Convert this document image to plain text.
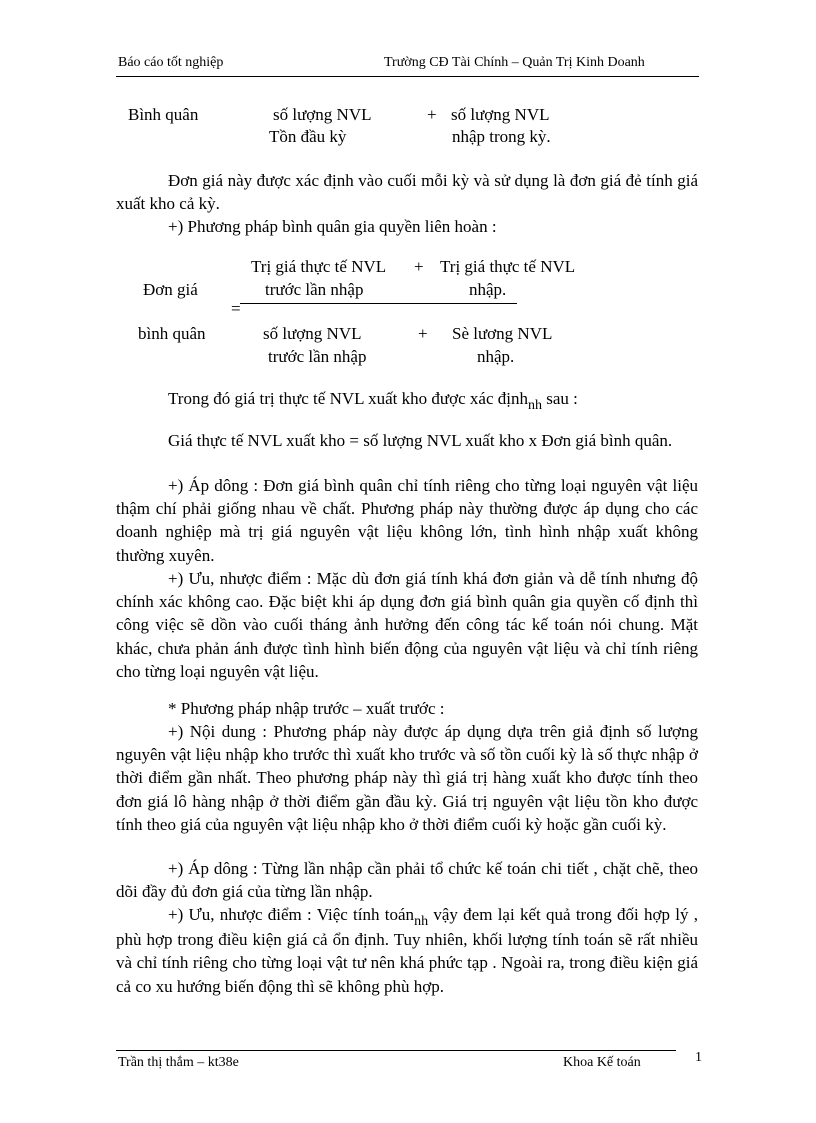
Báo cáo tốt nghiệp	Trường CĐ Tài Chính – Quản Trị Kinh Doanh
Bình quân	số lượng NVL
Tồn đầu kỳ
+ số lượng NVL
nhập trong kỳ.
Đơn giá này được xác định vào cuối mỗi kỳ và sử dụng là đơn giá đẻ tính giá xuất kho cả kỳ.
+) Phương pháp bình quân gia quyền liên hoàn :
Đơn giá
bình quân
=
Trị giá thực tế NVL
trước lần nhập
+ Trị giá thực tế NVL
nhập.
số lượng NVL
trước lần nhập
+ Sè lương NVL
nhập.
Trong đó giá trị thực tế NVL xuất kho được xác định$_{nh}$ sau :
Giá thực tế NVL xuất kho = số lượng NVL xuất kho x Đơn giá bình quân.
+) Áp dông : Đơn giá bình quân chỉ tính riêng cho từng loại nguyên vật liệu thậm chí phải giống nhau về chất. Phương pháp này thường được áp dụng cho các doanh nghiệp mà trị giá nguyên vật liệu không lớn, tình hình nhập xuất không thường xuyên.
+) Ưu, nhược điểm : Mặc dù đơn giá tính khá đơn giản và dễ tính nhưng độ chính xác không cao. Đặc biệt khi áp dụng đơn giá bình quân gia quyền cố định thì công việc sẽ dồn vào cuối tháng ảnh hưởng đến công tác kế toán nói chung. Mặt khác, chưa phản ánh được tình hình biến động của nguyên vật liệu và chỉ tính riêng cho từng loại nguyên vật liệu.
* Phương pháp nhập trước – xuất trước :
+) Nội dung : Phương pháp này được áp dụng dựa trên giả định số lượng nguyên vật liệu nhập kho trước thì xuất kho trước và số tồn cuối kỳ là số thực nhập ở thời điểm gần nhất. Theo phương pháp này thì giá trị hàng xuất kho được tính theo đơn giá lô hàng nhập ở thời điểm gần đầu kỳ. Giá trị nguyên vật liệu tồn kho được tính theo giá của nguyên vật liệu nhập kho ở thời điểm cuối kỳ hoặc gần cuối kỳ.
+) Áp dông : Từng lần nhập cần phải tổ chức kế toán chi tiết , chặt chẽ, theo dõi đầy đủ đơn giá của từng lần nhập.
+) Ưu, nhược điểm : Việc tính toán$_{nh}$ vậy đem lại kết quả trong đối hợp lý , phù hợp trong điều kiện giá cả ổn định. Tuy nhiên, khối lượng tính toán sẽ rất nhiều và chỉ tính riêng cho từng loại vật tư nên khá phức tạp . Ngoài ra, trong điều kiện giá cả co xu hướng biến động thì sẽ không phù hợp.
Trần thị thắm – kt38e	Khoa Kế toán	1
